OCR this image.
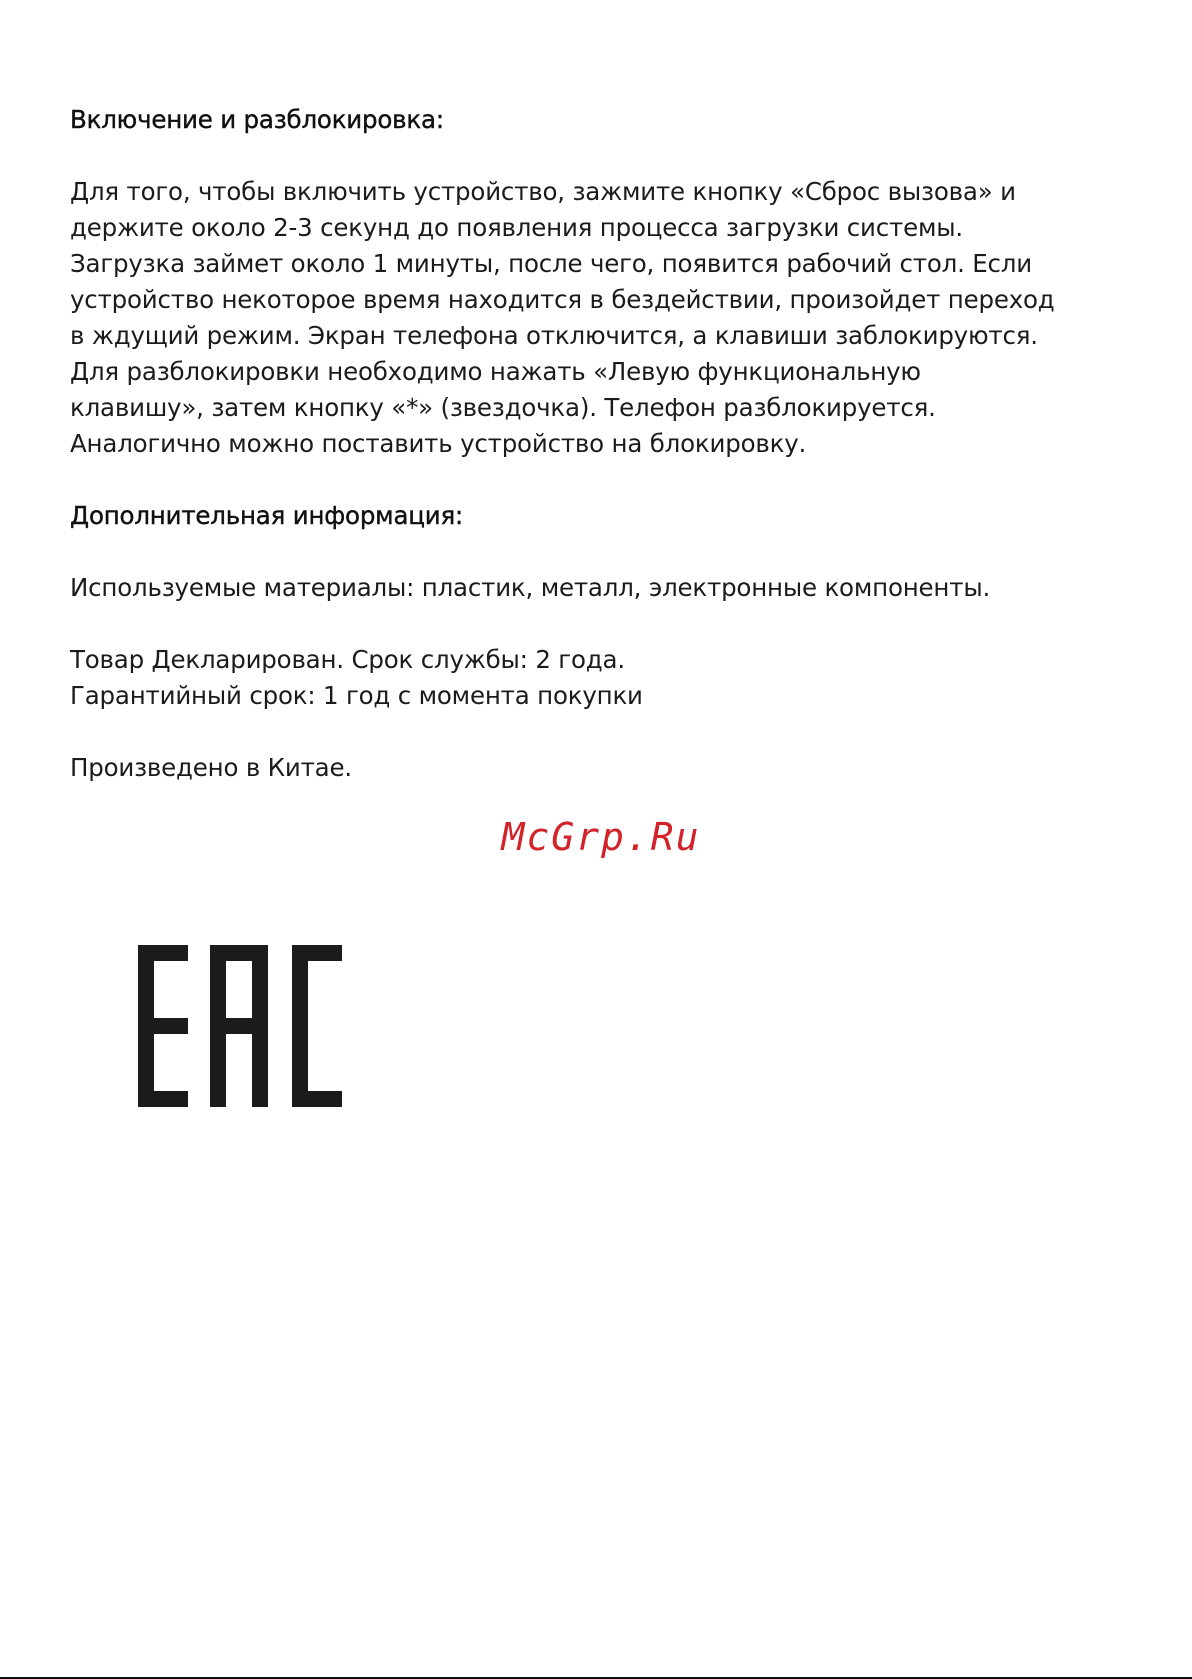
Включение и разблокировка:

Для того, чтобы включить устройство, зажмите кнопку «Сброс вызова» и
держите около 2-3 секунд до появления процесса загрузки системы.
Загрузка займет около 1 минуты, после чего, появится рабочий стол. Если
устройство некоторое время находится в бездействии, произойдет переход
в ждущий режим. Экран телефона отключится, а клавиши заблокируются.
Для разблокировки необходимо нажать «Левую функциональную
клавишу», затем кнопку «*» (звездочка). Телефон разблокируется.
Аналогично можно поставить устройство на блокировку.

Дополнительная информация:

Используемые материалы: пластик, металл, электронные компоненты.

Товар Декларирован. Срок службы: 2 года.
Гарантийный срок: 1 год с момента покупки

Произведено в Китае.

McGrp.Ru
